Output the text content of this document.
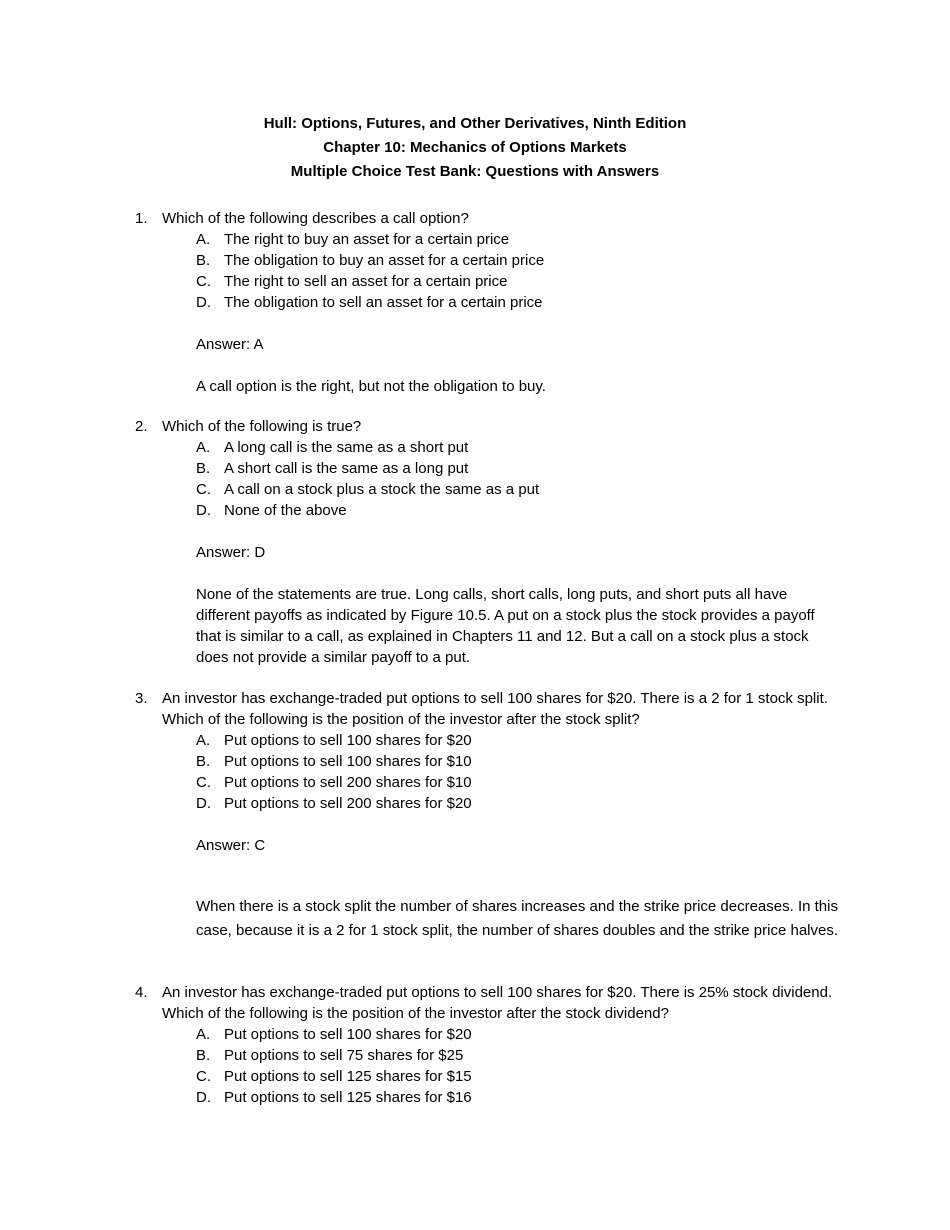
Hull: Options, Futures, and Other Derivatives, Ninth Edition
Chapter 10: Mechanics of Options Markets
Multiple Choice Test Bank: Questions with Answers
1. Which of the following describes a call option?
A. The right to buy an asset for a certain price
B. The obligation to buy an asset for a certain price
C. The right to sell an asset for a certain price
D. The obligation to sell an asset for a certain price
Answer: A
A call option is the right, but not the obligation to buy.
2. Which of the following is true?
A. A long call is the same as a short put
B. A short call is the same as a long put
C. A call on a stock plus a stock the same as a put
D. None of the above
Answer: D
None of the statements are true. Long calls, short calls, long puts, and short puts all have different payoffs as indicated by Figure 10.5. A put on a stock plus the stock provides a payoff that is similar to a call, as explained in Chapters 11 and 12. But a call on a stock plus a stock does not provide a similar payoff to a put.
3. An investor has exchange-traded put options to sell 100 shares for $20. There is a 2 for 1 stock split. Which of the following is the position of the investor after the stock split?
A. Put options to sell 100 shares for $20
B. Put options to sell 100 shares for $10
C. Put options to sell 200 shares for $10
D. Put options to sell 200 shares for $20
Answer: C
When there is a stock split the number of shares increases and the strike price decreases. In this case, because it is a 2 for 1 stock split, the number of shares doubles and the strike price halves.
4. An investor has exchange-traded put options to sell 100 shares for $20. There is 25% stock dividend. Which of the following is the position of the investor after the stock dividend?
A. Put options to sell 100 shares for $20
B. Put options to sell 75 shares for $25
C. Put options to sell 125 shares for $15
D. Put options to sell 125 shares for $16
